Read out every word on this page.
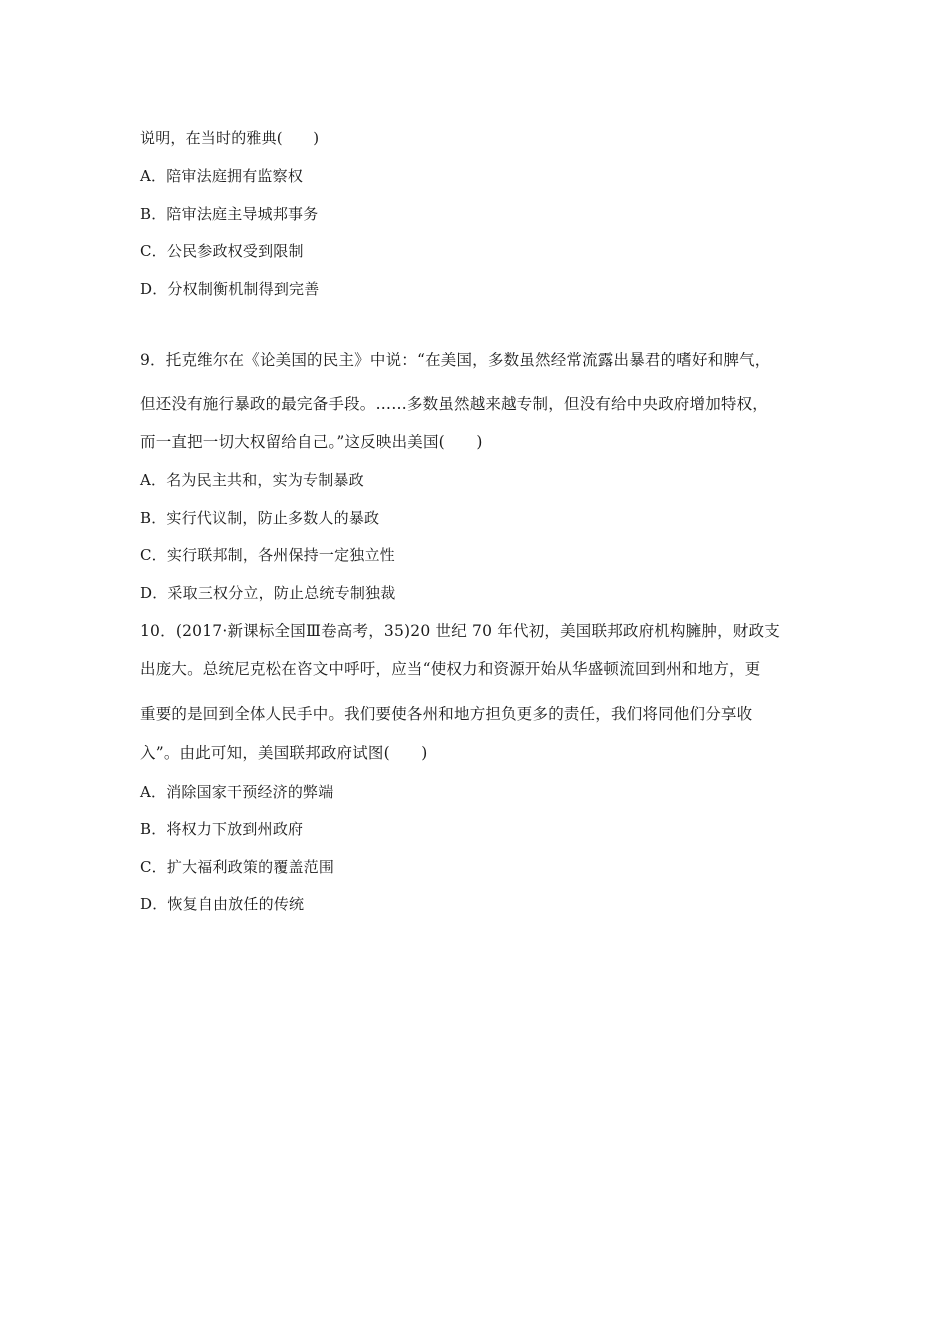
说明，在当时的雅典(　　)
A．陪审法庭拥有监察权
B．陪审法庭主导城邦事务
C．公民参政权受到限制
D．分权制衡机制得到完善
9．托克维尔在《论美国的民主》中说：“在美国，多数虽然经常流露出暴君的嗜好和脾气，
但还没有施行暴政的最完备手段。……多数虽然越来越专制，但没有给中央政府增加特权，
而一直把一切大权留给自己。”这反映出美国(　　)
A．名为民主共和，实为专制暴政
B．实行代议制，防止多数人的暴政
C．实行联邦制，各州保持一定独立性
D．采取三权分立，防止总统专制独裁
10．(2017·新课标全国Ⅲ卷高考，35)20 世纪 70 年代初，美国联邦政府机构臃肿，财政支
出庞大。总统尼克松在咨文中呼吁，应当“使权力和资源开始从华盛顿流回到州和地方，更
重要的是回到全体人民手中。我们要使各州和地方担负更多的责任，我们将同他们分享收
入”。由此可知，美国联邦政府试图(　　)
A．消除国家干预经济的弊端
B．将权力下放到州政府
C．扩大福利政策的覆盖范围
D．恢复自由放任的传统
